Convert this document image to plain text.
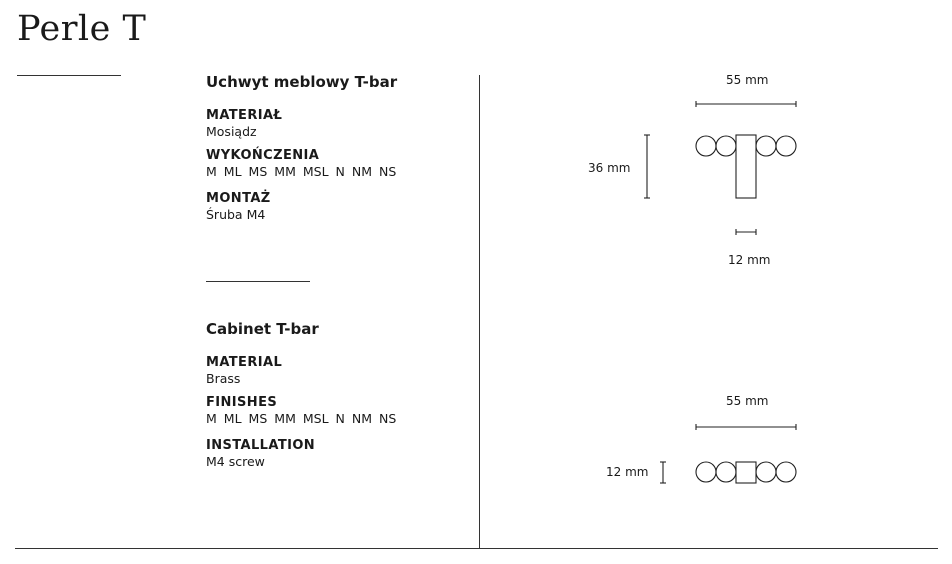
Perle T
Uchwyt meblowy T-bar
MATERIAŁ
Mosiądz
WYKOŃCZENIA
M ML MS MM MSL N NM NS
MONTAŻ
Śruba M4
Cabinet T-bar
MATERIAL
Brass
FINISHES
M ML MS MM MSL N NM NS
INSTALLATION
M4 screw
55 mm
36 mm
12 mm
55 mm
12 mm
